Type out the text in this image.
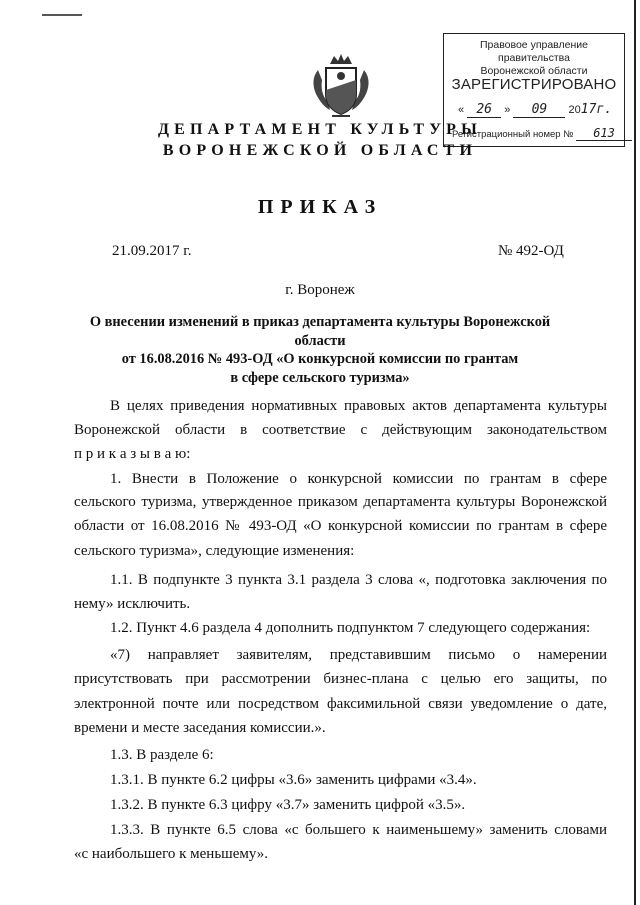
Правовое управление правительства
Воронежской области
ЗАРЕГИСТРИРОВАНО
« 26 » 09 2017г.
Регистрационный номер № 613
ДЕПАРТАМЕНТ КУЛЬТУРЫ
ВОРОНЕЖСКОЙ ОБЛАСТИ
ПРИКАЗ
21.09.2017 г.	№ 492-ОД
г. Воронеж
О внесении изменений в приказ департамента культуры Воронежской области
от 16.08.2016 № 493-ОД «О конкурсной комиссии по грантам
в сфере сельского туризма»
В целях приведения нормативных правовых актов департамента культуры
Воронежской области в соответствие с действующим законодательством
п р и к а з ы в а ю:
1. Внести в Положение о конкурсной комиссии по грантам в сфере
сельского туризма, утвержденное приказом департамента культуры Воронежской
области от 16.08.2016 № 493-ОД «О конкурсной комиссии по грантам в сфере
сельского туризма», следующие изменения:
1.1. В подпункте 3 пункта 3.1 раздела 3 слова «, подготовка заключения по
нему» исключить.
1.2. Пункт 4.6 раздела 4 дополнить подпунктом 7 следующего содержания:
«7) направляет заявителям, представившим письмо о намерении
присутствовать при рассмотрении бизнес-плана с целью его защиты, по
электронной почте или посредством факсимильной связи уведомление о дате,
времени и месте заседания комиссии.».
1.3. В разделе 6:
1.3.1. В пункте 6.2 цифры «3.6» заменить цифрами «3.4».
1.3.2. В пункте 6.3 цифру «3.7» заменить цифрой «3.5».
1.3.3. В пункте 6.5 слова «с большего к наименьшему» заменить словами
«с наибольшего к меньшему».
